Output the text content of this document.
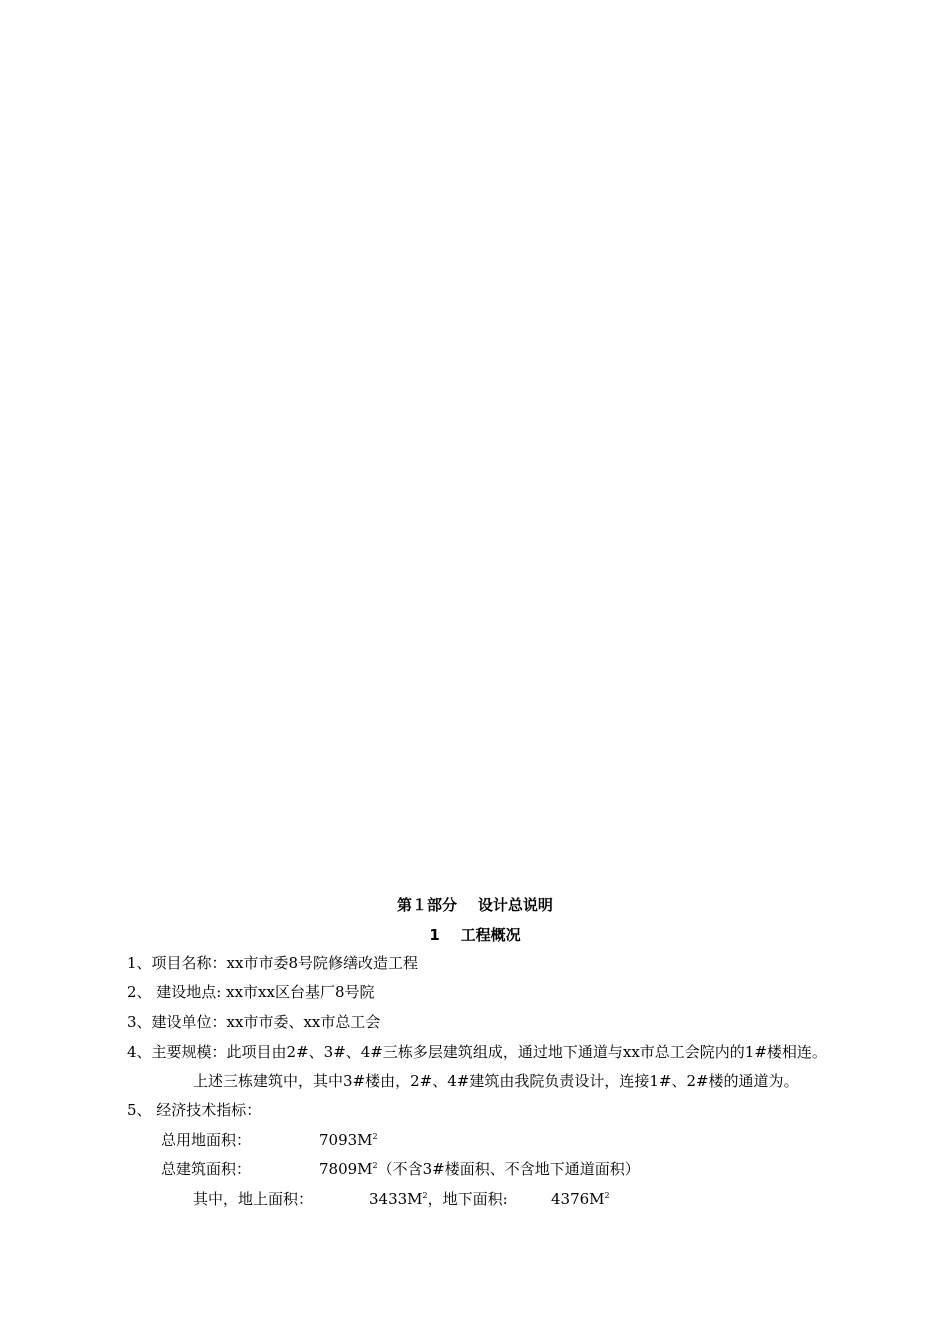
第１部分    设计总说明
1    工程概况
1、项目名称：xx市市委8号院修缮改造工程
2、 建设地点: xx市xx区台基厂8号院
3、建设单位：xx市市委、xx市总工会
4、主要规模：此项目由2#、3#、4#三栋多层建筑组成，通过地下通道与xx市总工会院内的1#楼相连。
上述三栋建筑中，其中3#楼由，2#、4#建筑由我院负责设计，连接1#、2#楼的通道为。
5、 经济技术指标：
总用地面积：	$7093M^2$
总建筑面积：	$7809M^2$（不含3#楼面积、不含地下通道面积）
其中，地上面积：	$3433M^2$，地下面积:	$4376M^2$
